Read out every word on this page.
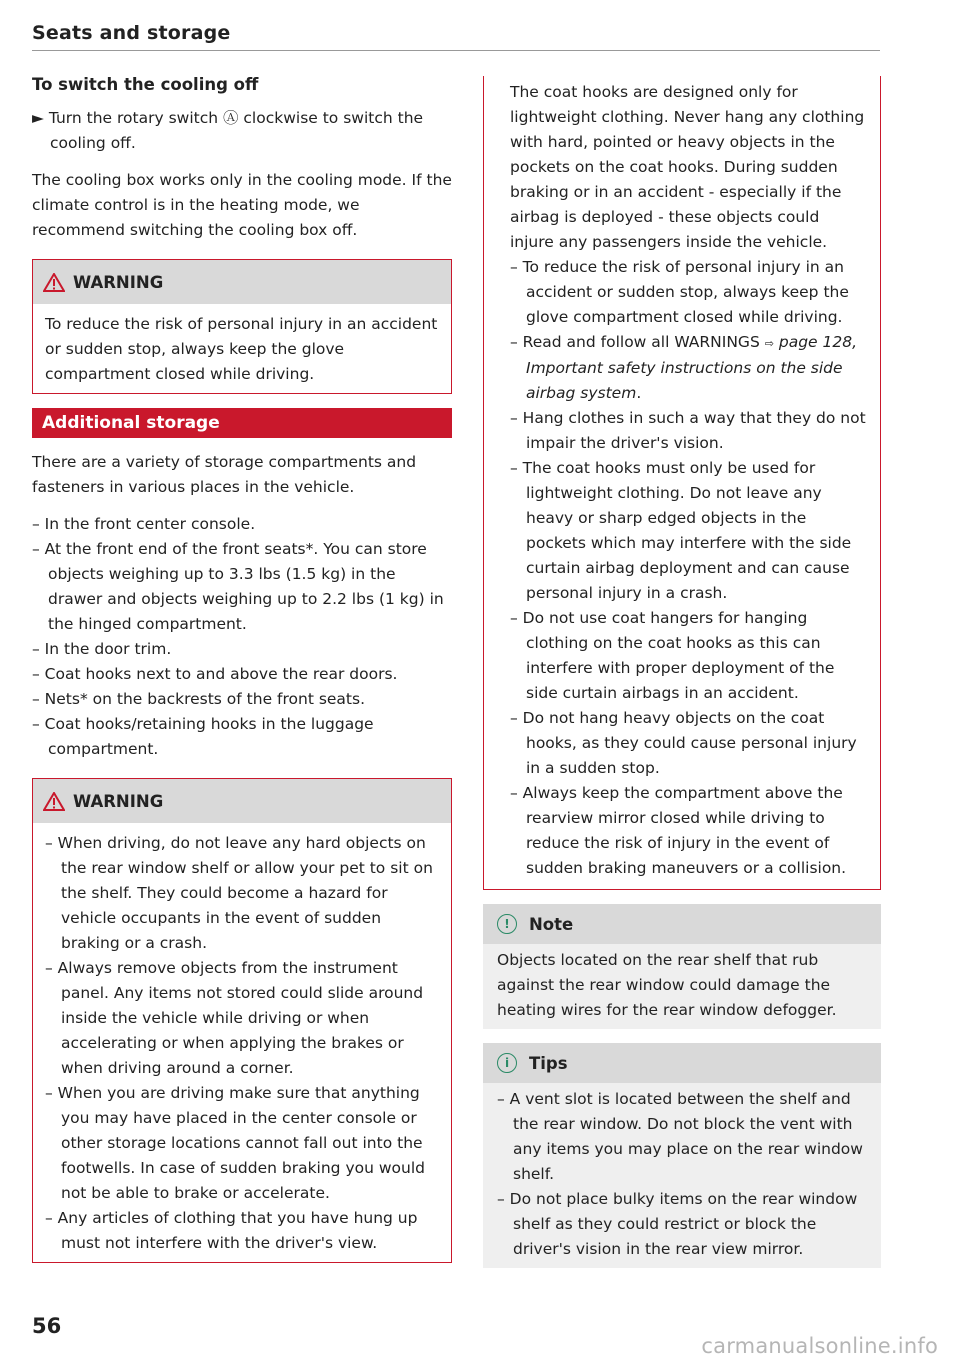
Seats and storage
To switch the cooling off

► Turn the rotary switch Ⓐ clockwise to switch the cooling off.

The cooling box works only in the cooling mode. If the climate control is in the heating mode, we recommend switching the cooling box off.

WARNING
To reduce the risk of personal injury in an accident or sudden stop, always keep the glove compartment closed while driving.
Additional storage

There are a variety of storage compartments and fasteners in various places in the vehicle.

– In the front center console.
– At the front end of the front seats*. You can store objects weighing up to 3.3 lbs (1.5 kg) in the drawer and objects weighing up to 2.2 lbs (1 kg) in the hinged compartment.
– In the door trim.
– Coat hooks next to and above the rear doors.
– Nets* on the backrests of the front seats.
– Coat hooks/retaining hooks in the luggage compartment.
WARNING
– When driving, do not leave any hard objects on the rear window shelf or allow your pet to sit on the shelf. They could become a hazard for vehicle occupants in the event of sudden braking or a crash.
– Always remove objects from the instrument panel. Any items not stored could slide around inside the vehicle while driving or when accelerating or when applying the brakes or when driving around a corner.
– When you are driving make sure that anything you may have placed in the center console or other storage locations cannot fall out into the footwells. In case of sudden braking you would not be able to brake or accelerate.
– Any articles of clothing that you have hung up must not interfere with the driver's view.

The coat hooks are designed only for lightweight clothing. Never hang any clothing with hard, pointed or heavy objects in the pockets on the coat hooks. During sudden braking or in an accident - especially if the airbag is deployed - these objects could injure any passengers inside the vehicle.

– To reduce the risk of personal injury in an accident or sudden stop, always keep the glove compartment closed while driving.
– Read and follow all WARNINGS ⇨ page 128, Important safety instructions on the side airbag system.
– Hang clothes in such a way that they do not impair the driver's vision.
– The coat hooks must only be used for lightweight clothing. Do not leave any heavy or sharp edged objects in the pockets which may interfere with the side curtain airbag deployment and can cause personal injury in a crash.
– Do not use coat hangers for hanging clothing on the coat hooks as this can interfere with proper deployment of the side curtain airbags in an accident.
– Do not hang heavy objects on the coat hooks, as they could cause personal injury in a sudden stop.
– Always keep the compartment above the rearview mirror closed while driving to reduce the risk of injury in the event of sudden braking maneuvers or a collision.
!	Note
Objects located on the rear shelf that rub against the rear window could damage the heating wires for the rear window defogger.
i	Tips
– A vent slot is located between the shelf and the rear window. Do not block the vent with any items you may place on the rear window shelf.
– Do not place bulky items on the rear window shelf as they could restrict or block the driver's vision in the rear view mirror.
56
carmanualsonline.info
